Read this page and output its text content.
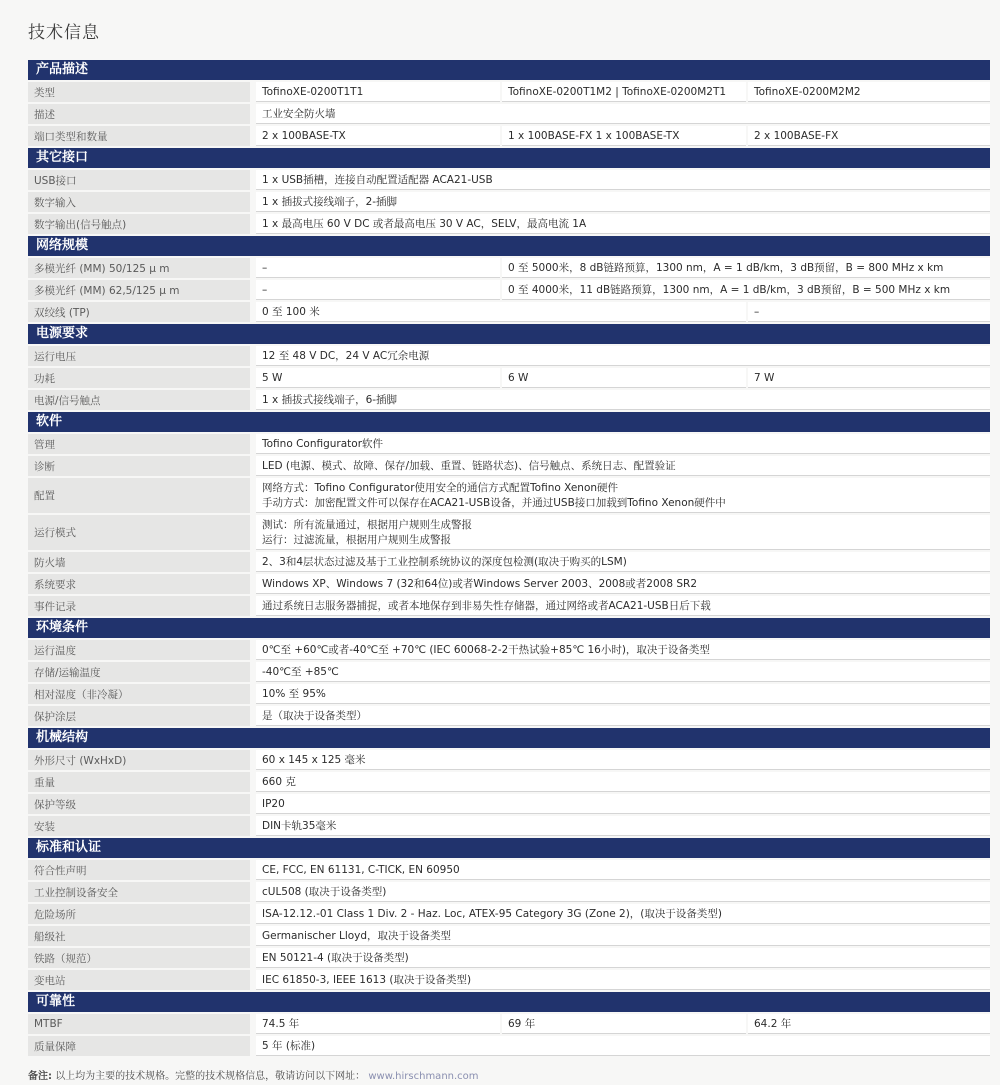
技术信息
产品描述
类型	TofinoXE-0200T1T1	TofinoXE-0200T1M2 | TofinoXE-0200M2T1	TofinoXE-0200M2M2
描述	工业安全防火墙
端口类型和数量	2 x 100BASE-TX	1 x 100BASE-FX 1 x 100BASE-TX	2 x 100BASE-FX
其它接口
USB接口	1 x USB插槽，连接自动配置适配器 ACA21-USB
数字输入	1 x 插拔式接线端子，2-插脚
数字输出(信号触点)	1 x 最高电压 60 V DC 或者最高电压 30 V AC，SELV，最高电流 1A
网络规模
多模光纤 (MM) 50/125 µ m	–	0 至 5000米，8 dB链路预算，1300 nm，A = 1 dB/km，3 dB预留，B = 800 MHz x km
多模光纤 (MM) 62,5/125 µ m	–	0 至 4000米，11 dB链路预算，1300 nm，A = 1 dB/km，3 dB预留，B = 500 MHz x km
双绞线 (TP)	0 至 100 米	–
电源要求
运行电压	12 至 48 V DC，24 V AC冗余电源
功耗	5 W	6 W	7 W
电源/信号触点	1 x 插拔式接线端子，6-插脚
软件
管理	Tofino Configurator软件
诊断	LED (电源、模式、故障、保存/加载、重置、链路状态)、信号触点、系统日志、配置验证
配置
网络方式：Tofino Configurator使用安全的通信方式配置Tofino Xenon硬件
手动方式：加密配置文件可以保存在ACA21-USB设备，并通过USB接口加载到Tofino Xenon硬件中
运行模式
测试：所有流量通过，根据用户规则生成警报
运行：过滤流量，根据用户规则生成警报
防火墙	2、3和4层状态过滤及基于工业控制系统协议的深度包检测(取决于购买的LSM)
系统要求	Windows XP、Windows 7 (32和64位)或者Windows Server 2003、2008或者2008 SR2
事件记录	通过系统日志服务器捕捉，或者本地保存到非易失性存储器，通过网络或者ACA21-USB日后下载
环境条件
运行温度	0℃至 +60℃或者-40℃至 +70℃ (IEC 60068-2-2干热试验+85℃ 16小时)，取决于设备类型
存储/运输温度	-40℃至 +85℃
相对湿度（非冷凝）	10% 至 95%
保护涂层	是（取决于设备类型）
机械结构
外形尺寸 (WxHxD)	60 x 145 x 125 毫米
重量	660 克
保护等级	IP20
安装	DIN卡轨35毫米
标准和认证
符合性声明	CE, FCC, EN 61131, C-TICK, EN 60950
工业控制设备安全	cUL508 (取决于设备类型)
危险场所	ISA-12.12.-01 Class 1 Div. 2 - Haz. Loc, ATEX-95 Category 3G (Zone 2)，(取决于设备类型)
船级社	Germanischer Lloyd，取决于设备类型
铁路（规范）	EN 50121-4 (取决于设备类型)
变电站	IEC 61850-3, IEEE 1613 (取决于设备类型)
可靠性
MTBF	74.5 年	69 年	64.2 年
质量保障	5 年 (标准)
备注: 以上均为主要的技术规格。完整的技术规格信息，敬请访问以下网址： www.hirschmann.com
